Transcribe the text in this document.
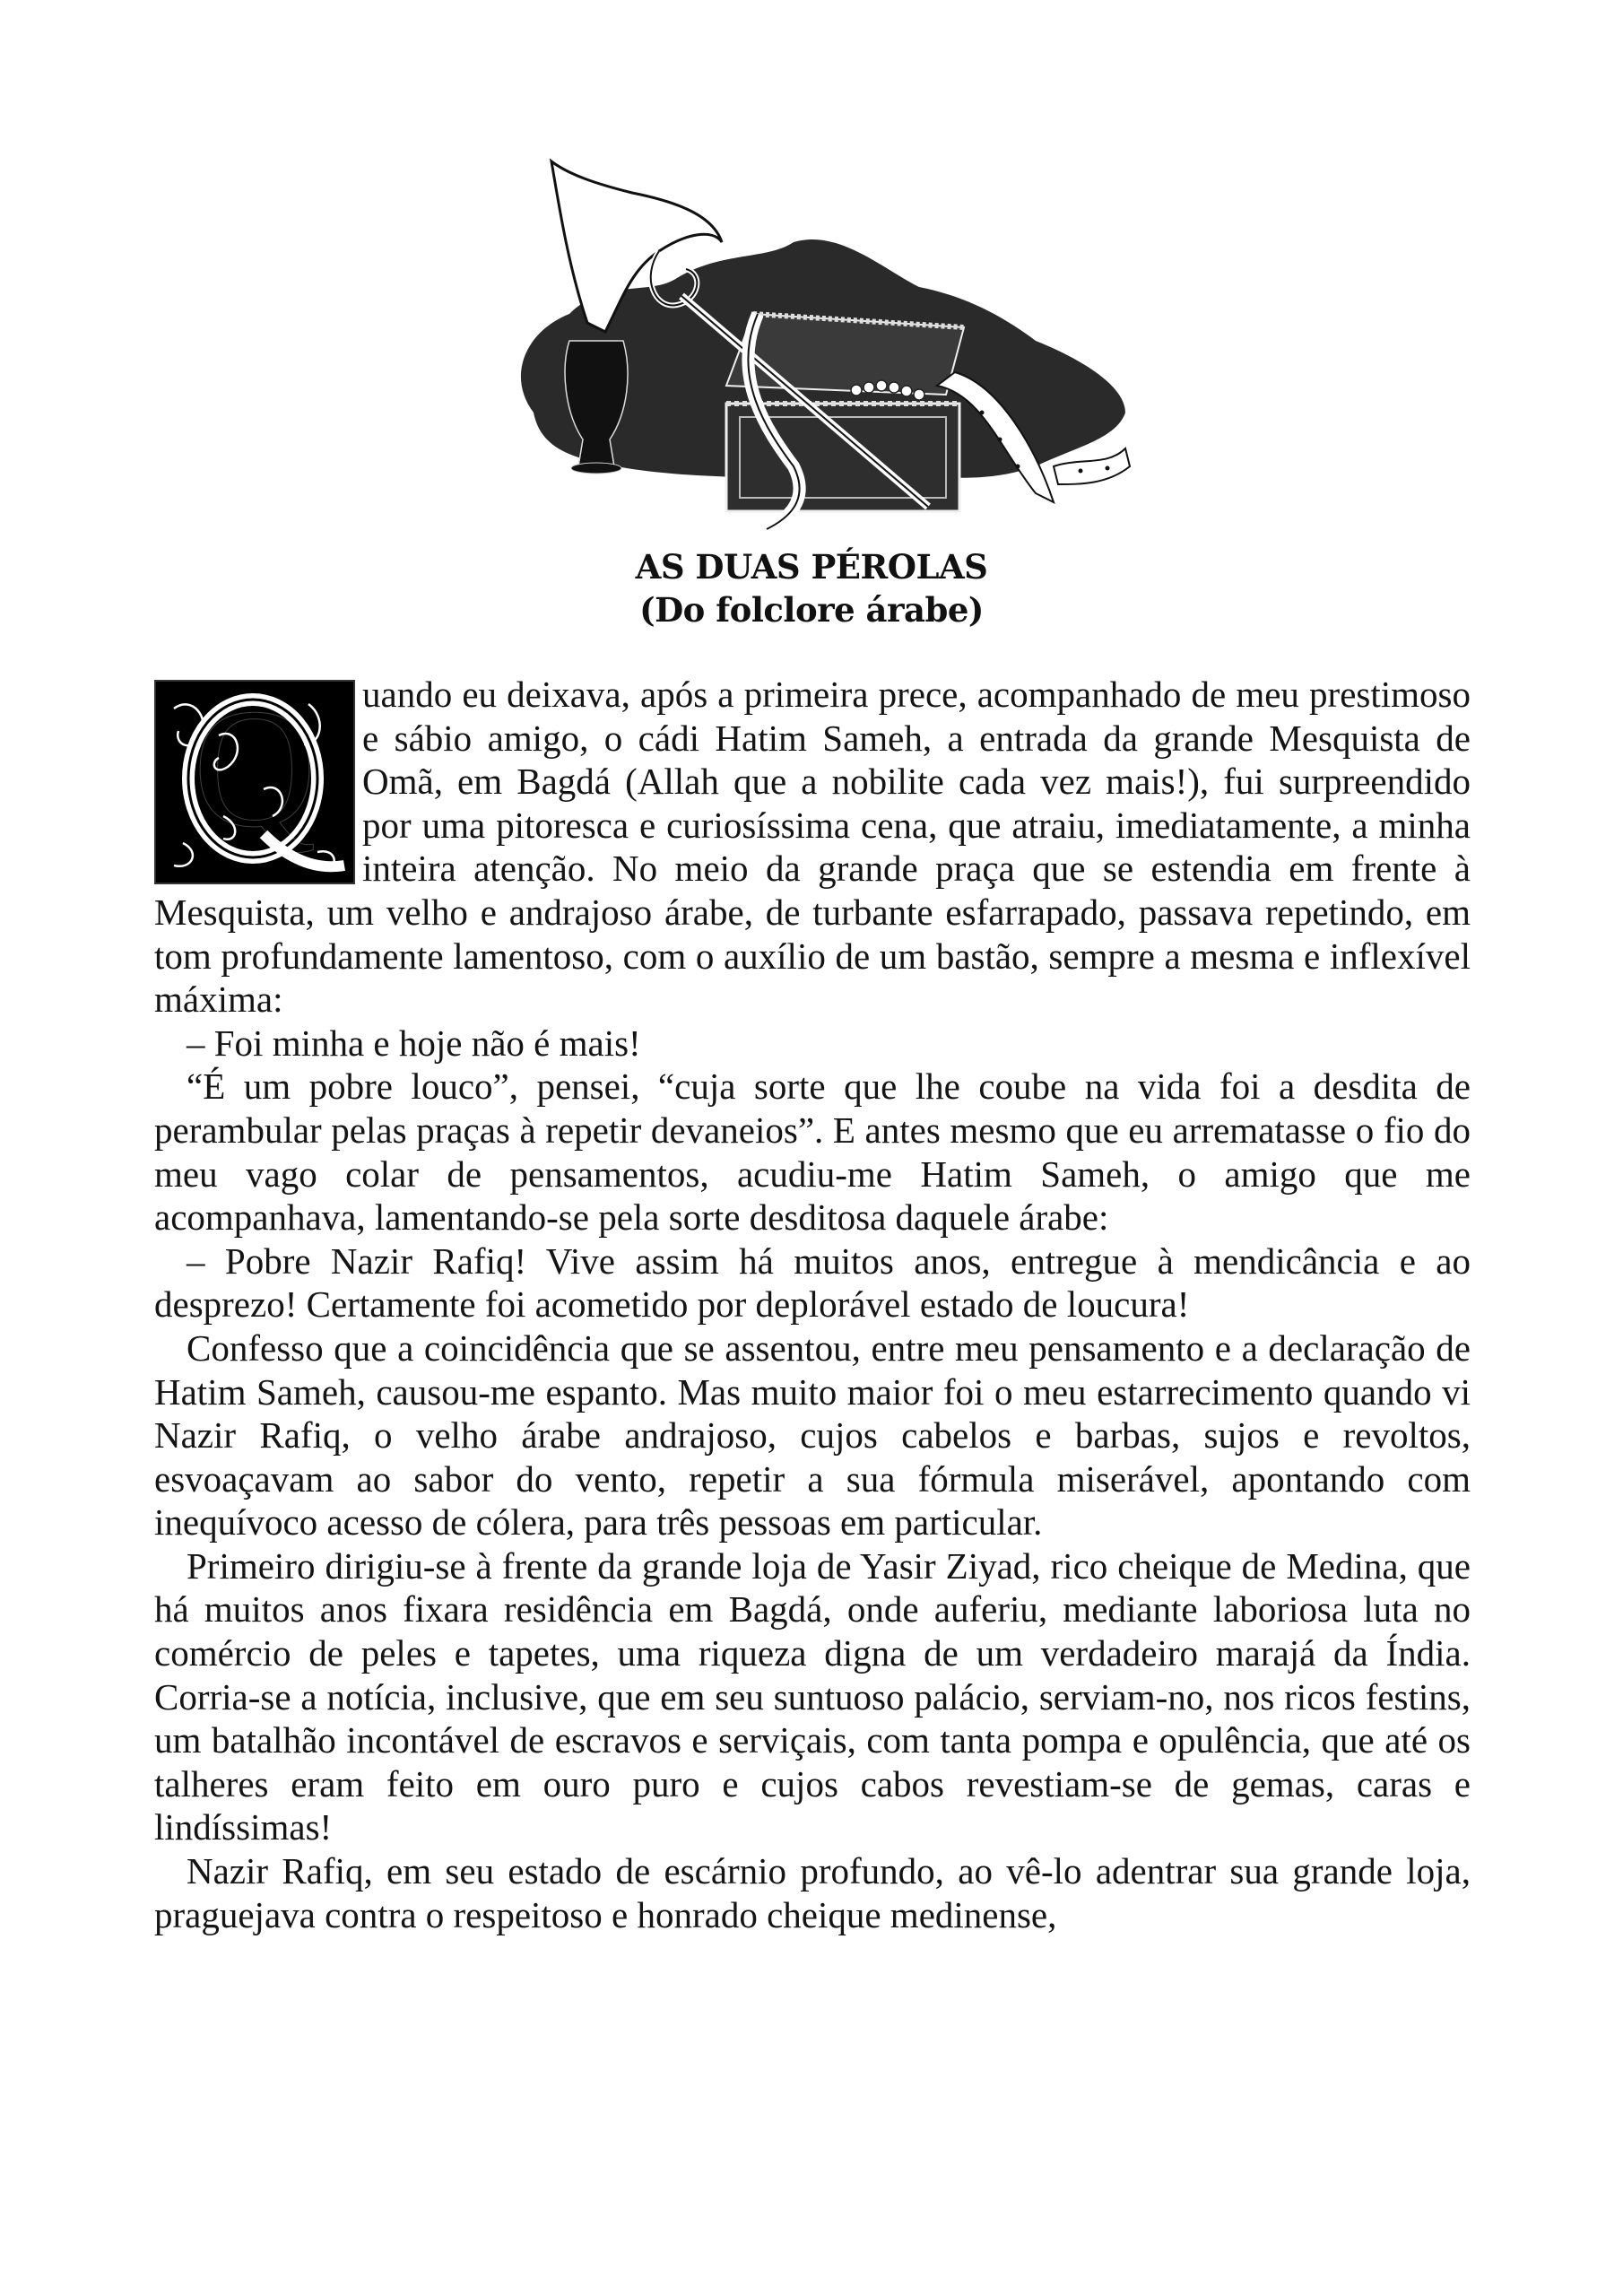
AS DUAS PÉROLAS
(Do folclore árabe)
Q	uando eu deixava, após a primeira prece, acompanhado de meu prestimoso e sábio amigo, o cádi Hatim Sameh, a entrada da grande Mesquista de Omã, em Bagdá (Allah que a nobilite cada vez mais!), fui surpreendido por uma pitoresca e curiosíssima cena, que atraiu, imediatamente, a minha inteira atenção. No meio da grande praça que se estendia em frente à Mesquista, um velho e andrajoso árabe, de turbante esfarrapado, passava repetindo, em tom profundamente lamentoso, com o auxílio de um bastão, sempre a mesma e inflexível máxima:

– Foi minha e hoje não é mais!

“É um pobre louco”, pensei, “cuja sorte que lhe coube na vida foi a desdita de perambular pelas praças à repetir devaneios”. E antes mesmo que eu arrematasse o fio do meu vago colar de pensamentos, acudiu-me Hatim Sameh, o amigo que me acompanhava, lamentando-se pela sorte desditosa daquele árabe:

– Pobre Nazir Rafiq! Vive assim há muitos anos, entregue à mendicância e ao desprezo! Certamente foi acometido por deplorável estado de loucura!

Confesso que a coincidência que se assentou, entre meu pensamento e a declaração de Hatim Sameh, causou-me espanto. Mas muito maior foi o meu estarrecimento quando vi Nazir Rafiq, o velho árabe andrajoso, cujos cabelos e barbas, sujos e revoltos, esvoaçavam ao sabor do vento, repetir a sua fórmula miserável, apontando com inequívoco acesso de cólera, para três pessoas em particular.

Primeiro dirigiu-se à frente da grande loja de Yasir Ziyad, rico cheique de Medina, que há muitos anos fixara residência em Bagdá, onde auferiu, mediante laboriosa luta no comércio de peles e tapetes, uma riqueza digna de um verdadeiro marajá da Índia. Corria-se a notícia, inclusive, que em seu suntuoso palácio, serviam-no, nos ricos festins, um batalhão incontável de escravos e serviçais, com tanta pompa e opulência, que até os talheres eram feito em ouro puro e cujos cabos revestiam-se de gemas, caras e lindíssimas!

Nazir Rafiq, em seu estado de escárnio profundo, ao vê-lo adentrar sua grande loja, praguejava contra o respeitoso e honrado cheique medinense,
